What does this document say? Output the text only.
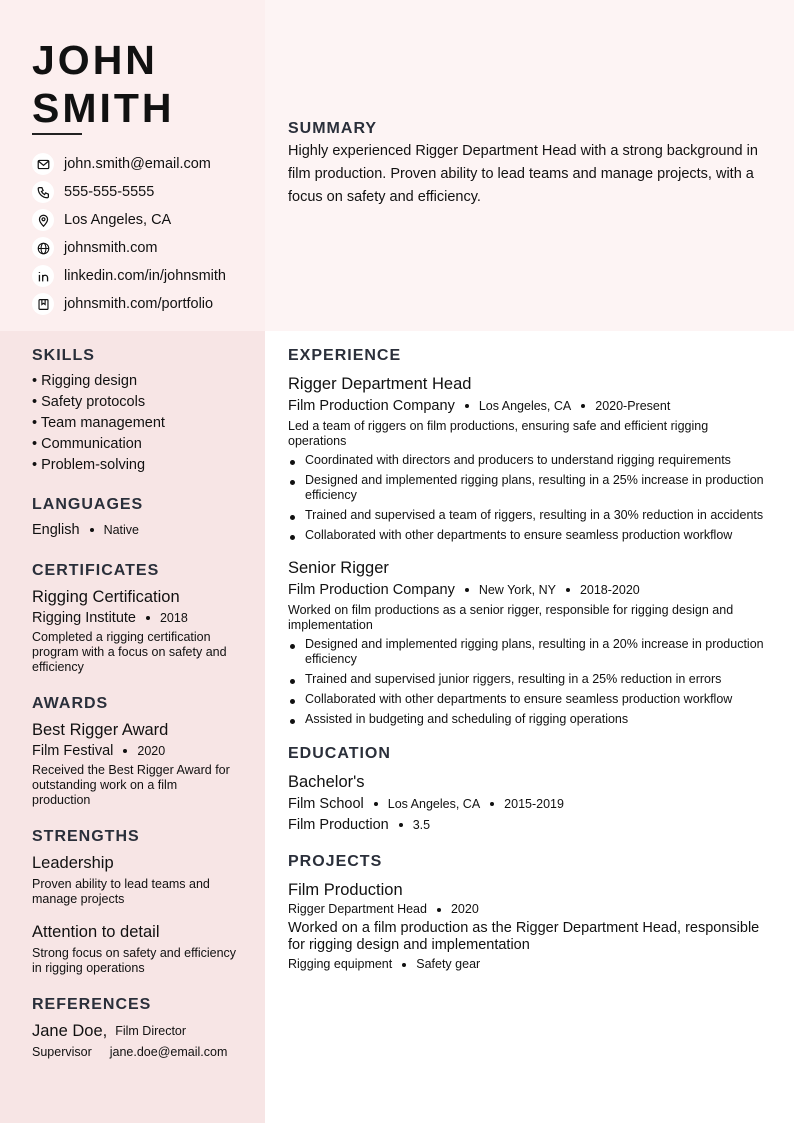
JOHN
SMITH
john.smith@email.com
555-555-5555
Los Angeles, CA
johnsmith.com
linkedin.com/in/johnsmith
johnsmith.com/portfolio
SUMMARY

Highly experienced Rigger Department Head with a strong background in film production. Proven ability to lead teams and manage projects, with a focus on safety and efficiency.

SKILLS
• Rigging design
• Safety protocols
• Team management
• Communication
• Problem-solving
LANGUAGES
English Native
CERTIFICATES
Rigging Certification
Rigging Institute 2018
Completed a rigging certification program with a focus on safety and efficiency
AWARDS
Best Rigger Award
Film Festival 2020
Received the Best Rigger Award for outstanding work on a film production
STRENGTHS
Leadership
Proven ability to lead teams and manage projects
Attention to detail
Strong focus on safety and efficiency in rigging operations
REFERENCES
Jane Doe, Film Director
Supervisor jane.doe@email.com
EXPERIENCE
Rigger Department Head
Film Production Company Los Angeles, CA 2020-Present
Led a team of riggers on film productions, ensuring safe and efficient rigging operations
Coordinated with directors and producers to understand rigging requirements
Designed and implemented rigging plans, resulting in a 25% increase in production efficiency
Trained and supervised a team of riggers, resulting in a 30% reduction in accidents
Collaborated with other departments to ensure seamless production workflow
Senior Rigger
Film Production Company New York, NY 2018-2020
Worked on film productions as a senior rigger, responsible for rigging design and implementation
Designed and implemented rigging plans, resulting in a 20% increase in production efficiency
Trained and supervised junior riggers, resulting in a 25% reduction in errors
Collaborated with other departments to ensure seamless production workflow
Assisted in budgeting and scheduling of rigging operations
EDUCATION
Bachelor's
Film School Los Angeles, CA 2015-2019
Film Production 3.5
PROJECTS
Film Production
Rigger Department Head 2020
Worked on a film production as the Rigger Department Head, responsible for rigging design and implementation
Rigging equipment Safety gear
